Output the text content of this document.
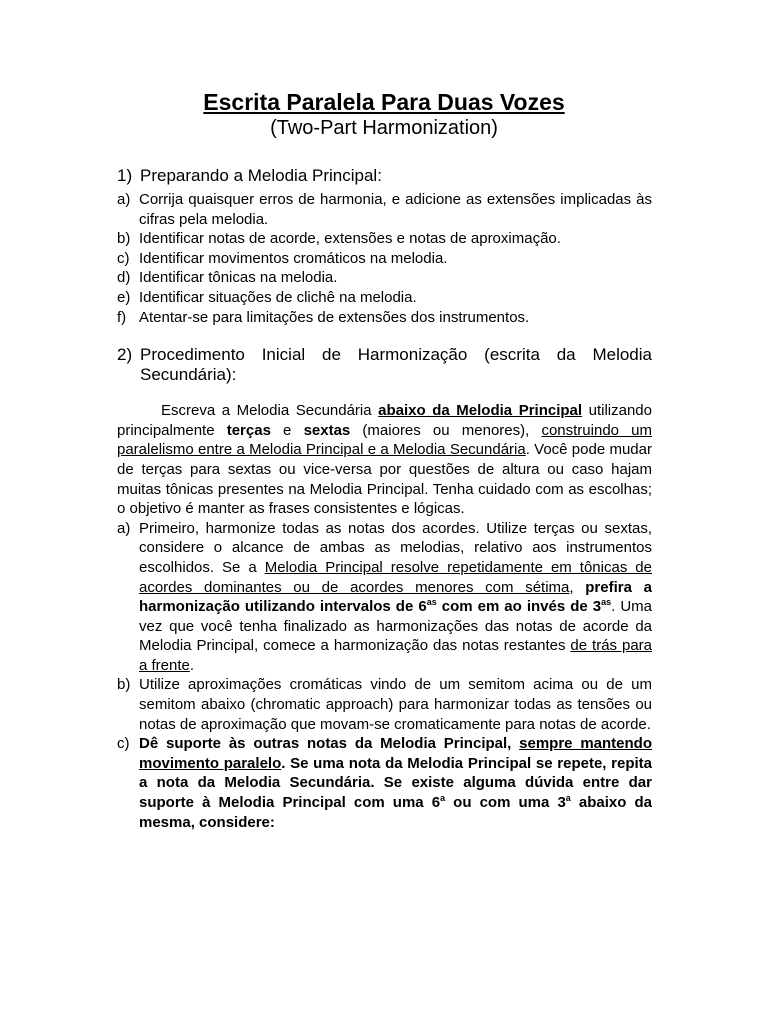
Escrita Paralela Para Duas Vozes
(Two-Part Harmonization)
1) Preparando a Melodia Principal:
a) Corrija quaisquer erros de harmonia, e adicione as extensões implicadas às cifras pela melodia.
b) Identificar notas de acorde, extensões e notas de aproximação.
c) Identificar movimentos cromáticos na melodia.
d) Identificar tônicas na melodia.
e) Identificar situações de clichê na melodia.
f) Atentar-se para limitações de extensões dos instrumentos.
2) Procedimento Inicial de Harmonização (escrita da Melodia Secundária):

Escreva a Melodia Secundária abaixo da Melodia Principal utilizando principalmente terças e sextas (maiores ou menores), construindo um paralelismo entre a Melodia Principal e a Melodia Secundária. Você pode mudar de terças para sextas ou vice-versa por questões de altura ou caso hajam muitas tônicas presentes na Melodia Principal. Tenha cuidado com as escolhas; o objetivo é manter as frases consistentes e lógicas.

a) Primeiro, harmonize todas as notas dos acordes. Utilize terças ou sextas, considere o alcance de ambas as melodias, relativo aos instrumentos escolhidos. Se a Melodia Principal resolve repetidamente em tônicas de acordes dominantes ou de acordes menores com sétima, prefira a harmonização utilizando intervalos de $6^{as}$ com em ao invés de $3^{as}$. Uma vez que você tenha finalizado as harmonizações das notas de acorde da Melodia Principal, comece a harmonização das notas restantes de trás para a frente.
b) Utilize aproximações cromáticas vindo de um semitom acima ou de um semitom abaixo (chromatic approach) para harmonizar todas as tensões ou notas de aproximação que movam-se cromaticamente para notas de acorde.
c) Dê suporte às outras notas da Melodia Principal, sempre mantendo movimento paralelo. Se uma nota da Melodia Principal se repete, repita a nota da Melodia Secundária. Se existe alguma dúvida entre dar suporte à Melodia Principal com uma 6$^a$ ou com uma 3$^a$ abaixo da mesma, considere:
